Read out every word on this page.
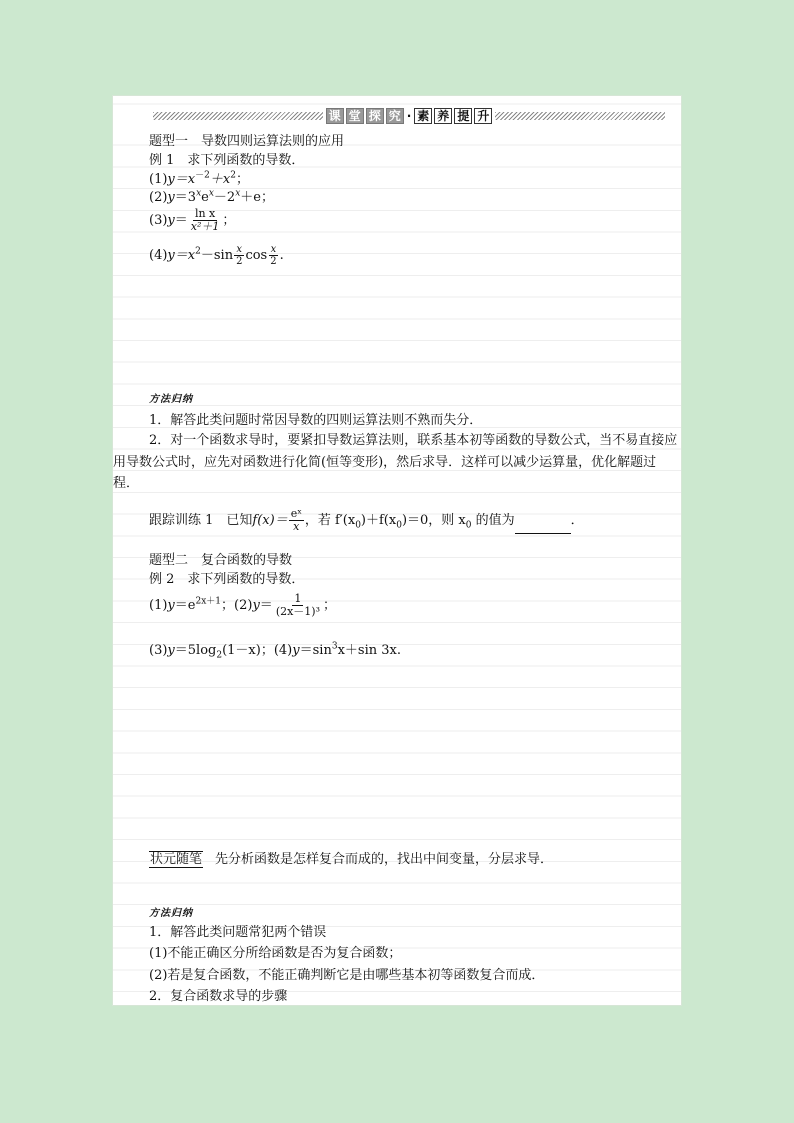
课 堂 探 究 · 素 养 提 升
题型一　导数四则运算法则的应用
例 1　求下列函数的导数．
$(1)y=x^{-2}+x^2$；
$(2)y=3^xe^x-2^x+e$；
$(3)y= \frac{\text{ln x}}{\text{x²＋1}}$ ；
$(4)y=x^2-\sin \frac{x}{2}$ $\cos \frac{x}{2}$ .
方法归纳
1．解答此类问题时常因导数的四则运算法则不熟而失分．
2．对一个函数求导时，要紧扣导数运算法则，联系基本初等函数的导数公式，当不易直接应用导数公式时，应先对函数进行化简(恒等变形)，然后求导．这样可以减少运算量，优化解题过程．
跟踪训练 1　已知$f(x)= \frac{\text{eˣ}}{x}$ ，若 $f'(x_0)+f(x_0)=0$，则 $x_0$ 的值为	．
题型二　复合函数的导数
例 2　求下列函数的导数．
$(1)y=e^{2x+1}$；$(2)y= \frac{1}{\text{(2x－1)³}}$ ；
$(3)y=5\log_2(1-x)$；$(4)y=\sin^3x+\sin$ 3x.
状元随笔 先分析函数是怎样复合而成的，找出中间变量，分层求导．
方法归纳
1．解答此类问题常犯两个错误
(1)不能正确区分所给函数是否为复合函数；
(2)若是复合函数，不能正确判断它是由哪些基本初等函数复合而成．
2．复合函数求导的步骤
